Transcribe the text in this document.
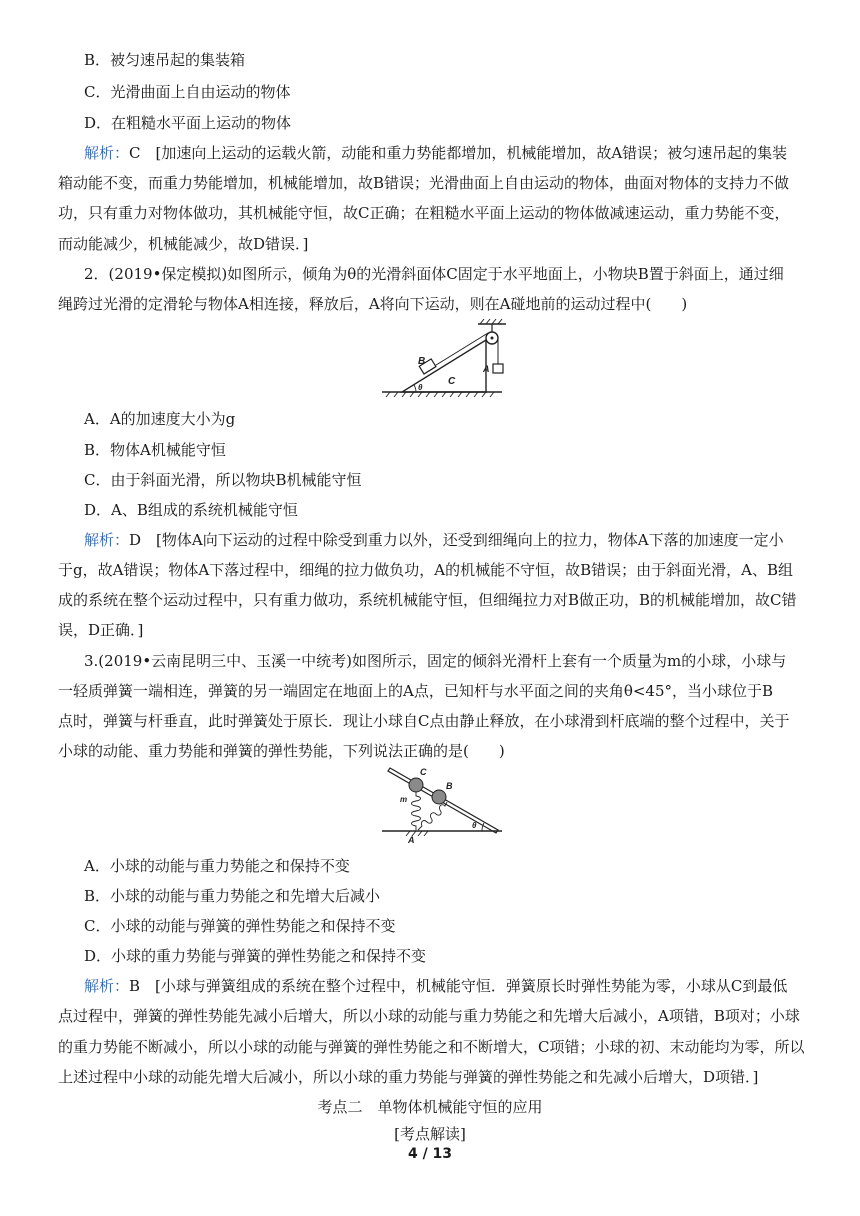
B．被匀速吊起的集装箱
C．光滑曲面上自由运动的物体
D．在粗糙水平面上运动的物体
解析：C　[加速向上运动的运载火箭，动能和重力势能都增加，机械能增加，故A错误；被匀速吊起的集装
箱动能不变，而重力势能增加，机械能增加，故B错误；光滑曲面上自由运动的物体，曲面对物体的支持力不做
功，只有重力对物体做功，其机械能守恒，故C正确；在粗糙水平面上运动的物体做减速运动，重力势能不变，
而动能减少，机械能减少，故D错误．]
2．(2019•保定模拟)如图所示，倾角为θ的光滑斜面体C固定于水平地面上，小物块B置于斜面上，通过细
绳跨过光滑的定滑轮与物体A相连接，释放后，A将向下运动，则在A碰地前的运动过程中(　　)
B
C
A
θ
A．A的加速度大小为g
B．物体A机械能守恒
C．由于斜面光滑，所以物块B机械能守恒
D．A、B组成的系统机械能守恒
解析：D　[物体A向下运动的过程中除受到重力以外，还受到细绳向上的拉力，物体A下落的加速度一定小
于g，故A错误；物体A下落过程中，细绳的拉力做负功，A的机械能不守恒，故B错误；由于斜面光滑，A、B组
成的系统在整个运动过程中，只有重力做功，系统机械能守恒，但细绳拉力对B做正功，B的机械能增加，故C错
误，D正确．]
3.(2019•云南昆明三中、玉溪一中统考)如图所示，固定的倾斜光滑杆上套有一个质量为m的小球，小球与
一轻质弹簧一端相连，弹簧的另一端固定在地面上的A点，已知杆与水平面之间的夹角θ<45°，当小球位于B
点时，弹簧与杆垂直，此时弹簧处于原长．现让小球自C点由静止释放，在小球滑到杆底端的整个过程中，关于
小球的动能、重力势能和弹簧的弹性势能，下列说法正确的是(　　)
C
B
m
A
θ
A．小球的动能与重力势能之和保持不变
B．小球的动能与重力势能之和先增大后减小
C．小球的动能与弹簧的弹性势能之和保持不变
D．小球的重力势能与弹簧的弹性势能之和保持不变
解析：B　[小球与弹簧组成的系统在整个过程中，机械能守恒．弹簧原长时弹性势能为零，小球从C到最低
点过程中，弹簧的弹性势能先减小后增大，所以小球的动能与重力势能之和先增大后减小，A项错，B项对；小球
的重力势能不断减小，所以小球的动能与弹簧的弹性势能之和不断增大，C项错；小球的初、末动能均为零，所以
上述过程中小球的动能先增大后减小，所以小球的重力势能与弹簧的弹性势能之和先减小后增大，D项错．]
考点二　单物体机械能守恒的应用
[考点解读]
4 / 13
